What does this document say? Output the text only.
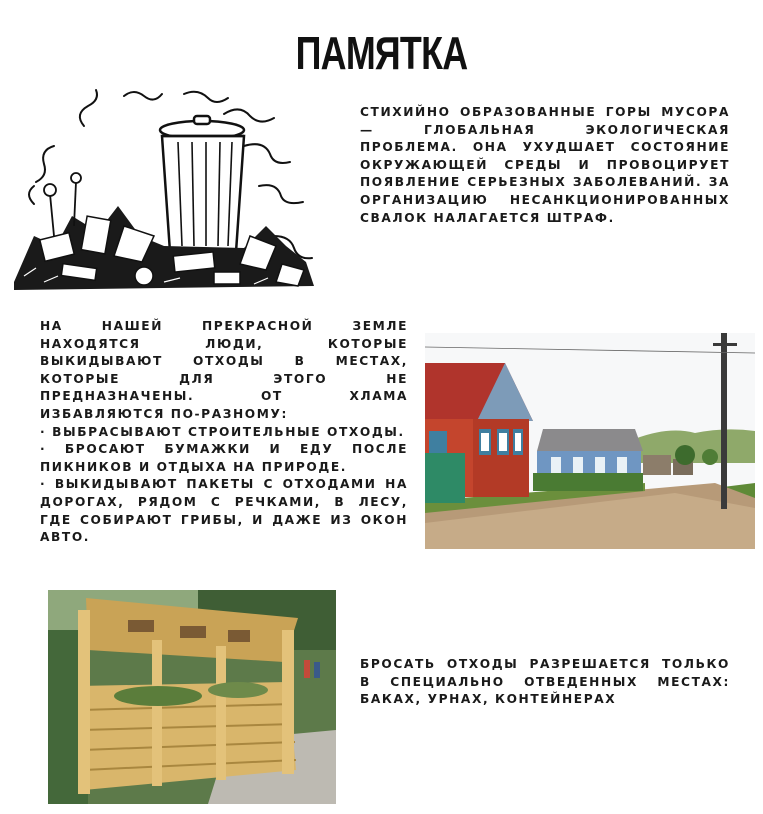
ПАМЯТКА
СТИХИЙНО ОБРАЗОВАННЫЕ ГОРЫ МУСОРА — ГЛОБАЛЬНАЯ ЭКОЛОГИЧЕСКАЯ ПРОБЛЕМА. ОНА УХУДШАЕТ СОСТОЯНИЕ ОКРУЖАЮЩЕЙ СРЕДЫ И ПРОВОЦИРУЕТ ПОЯВЛЕНИЕ СЕРЬЕЗНЫХ ЗАБОЛЕВАНИЙ. ЗА ОРГАНИЗАЦИЮ НЕСАНКЦИОНИРОВАННЫХ СВАЛОК НАЛАГАЕТСЯ ШТРАФ.
НА НАШЕЙ ПРЕКРАСНОЙ ЗЕМЛЕ НАХОДЯТСЯ ЛЮДИ, КОТОРЫЕ ВЫКИДЫВАЮТ ОТХОДЫ В МЕСТАХ, КОТОРЫЕ ДЛЯ ЭТОГО НЕ ПРЕДНАЗНАЧЕНЫ. ОТ ХЛАМА ИЗБАВЛЯЮТСЯ ПО-РАЗНОМУ:
· ВЫБРАСЫВАЮТ СТРОИТЕЛЬНЫЕ ОТХОДЫ.
· БРОСАЮТ БУМАЖКИ И ЕДУ ПОСЛЕ ПИКНИКОВ И ОТДЫХА НА ПРИРОДЕ.
· ВЫКИДЫВАЮТ ПАКЕТЫ С ОТХОДАМИ НА ДОРОГАХ, РЯДОМ С РЕЧКАМИ, В ЛЕСУ, ГДЕ СОБИРАЮТ ГРИБЫ, И ДАЖЕ ИЗ ОКОН АВТО.
БРОСАТЬ ОТХОДЫ РАЗРЕШАЕТСЯ ТОЛЬКО В СПЕЦИАЛЬНО ОТВЕДЕННЫХ МЕСТАХ: БАКАХ, УРНАХ, КОНТЕЙНЕРАХ
